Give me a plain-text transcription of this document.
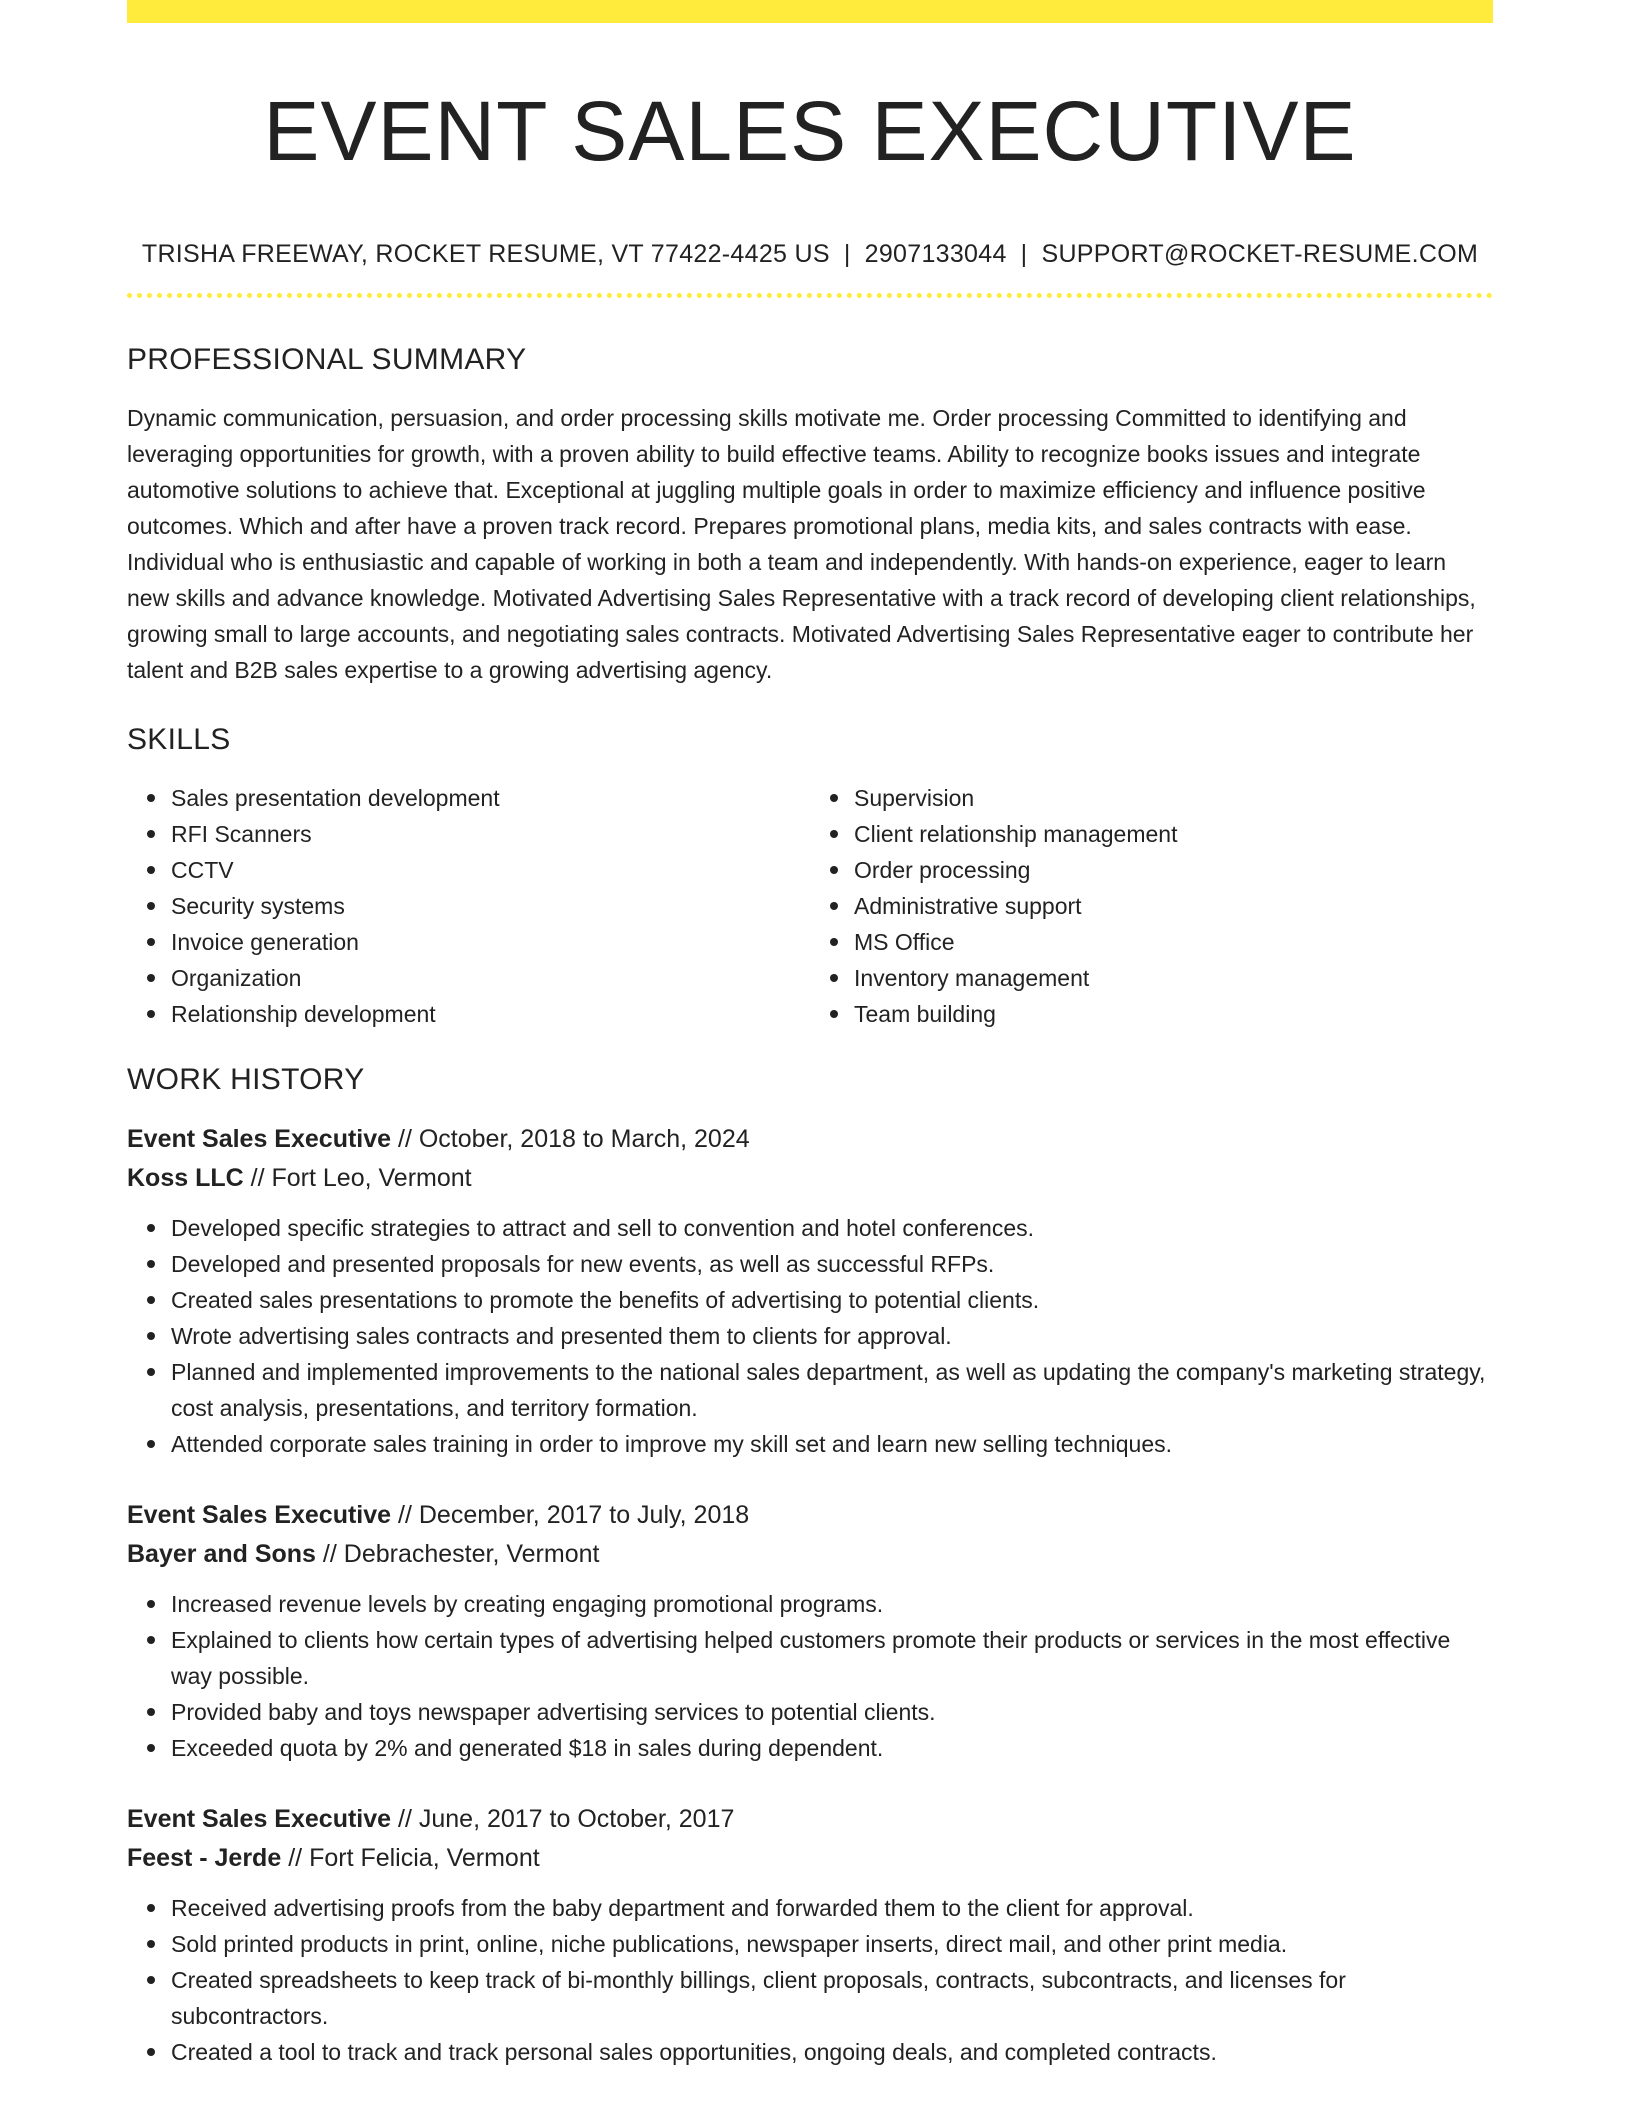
EVENT SALES EXECUTIVE
TRISHA FREEWAY, ROCKET RESUME, VT 77422-4425 US | 2907133044 | SUPPORT@ROCKET-RESUME.COM
PROFESSIONAL SUMMARY

Dynamic communication, persuasion, and order processing skills motivate me. Order processing Committed to identifying and leveraging opportunities for growth, with a proven ability to build effective teams. Ability to recognize books issues and integrate automotive solutions to achieve that. Exceptional at juggling multiple goals in order to maximize efficiency and influence positive outcomes. Which and after have a proven track record. Prepares promotional plans, media kits, and sales contracts with ease. Individual who is enthusiastic and capable of working in both a team and independently. With hands-on experience, eager to learn new skills and advance knowledge. Motivated Advertising Sales Representative with a track record of developing client relationships, growing small to large accounts, and negotiating sales contracts. Motivated Advertising Sales Representative eager to contribute her talent and B2B sales expertise to a growing advertising agency.

SKILLS
Sales presentation development
RFI Scanners
CCTV
Security systems
Invoice generation
Organization
Relationship development
Supervision
Client relationship management
Order processing
Administrative support
MS Office
Inventory management
Team building
WORK HISTORY
Event Sales Executive // October, 2018 to March, 2024
Koss LLC // Fort Leo, Vermont
Developed specific strategies to attract and sell to convention and hotel conferences.
Developed and presented proposals for new events, as well as successful RFPs.
Created sales presentations to promote the benefits of advertising to potential clients.
Wrote advertising sales contracts and presented them to clients for approval.
Planned and implemented improvements to the national sales department, as well as updating the company's marketing strategy, cost analysis, presentations, and territory formation.
Attended corporate sales training in order to improve my skill set and learn new selling techniques.
Event Sales Executive // December, 2017 to July, 2018
Bayer and Sons // Debrachester, Vermont
Increased revenue levels by creating engaging promotional programs.
Explained to clients how certain types of advertising helped customers promote their products or services in the most effective way possible.
Provided baby and toys newspaper advertising services to potential clients.
Exceeded quota by 2% and generated $18 in sales during dependent.
Event Sales Executive // June, 2017 to October, 2017
Feest - Jerde // Fort Felicia, Vermont
Received advertising proofs from the baby department and forwarded them to the client for approval.
Sold printed products in print, online, niche publications, newspaper inserts, direct mail, and other print media.
Created spreadsheets to keep track of bi-monthly billings, client proposals, contracts, subcontracts, and licenses for subcontractors.
Created a tool to track and track personal sales opportunities, ongoing deals, and completed contracts.
